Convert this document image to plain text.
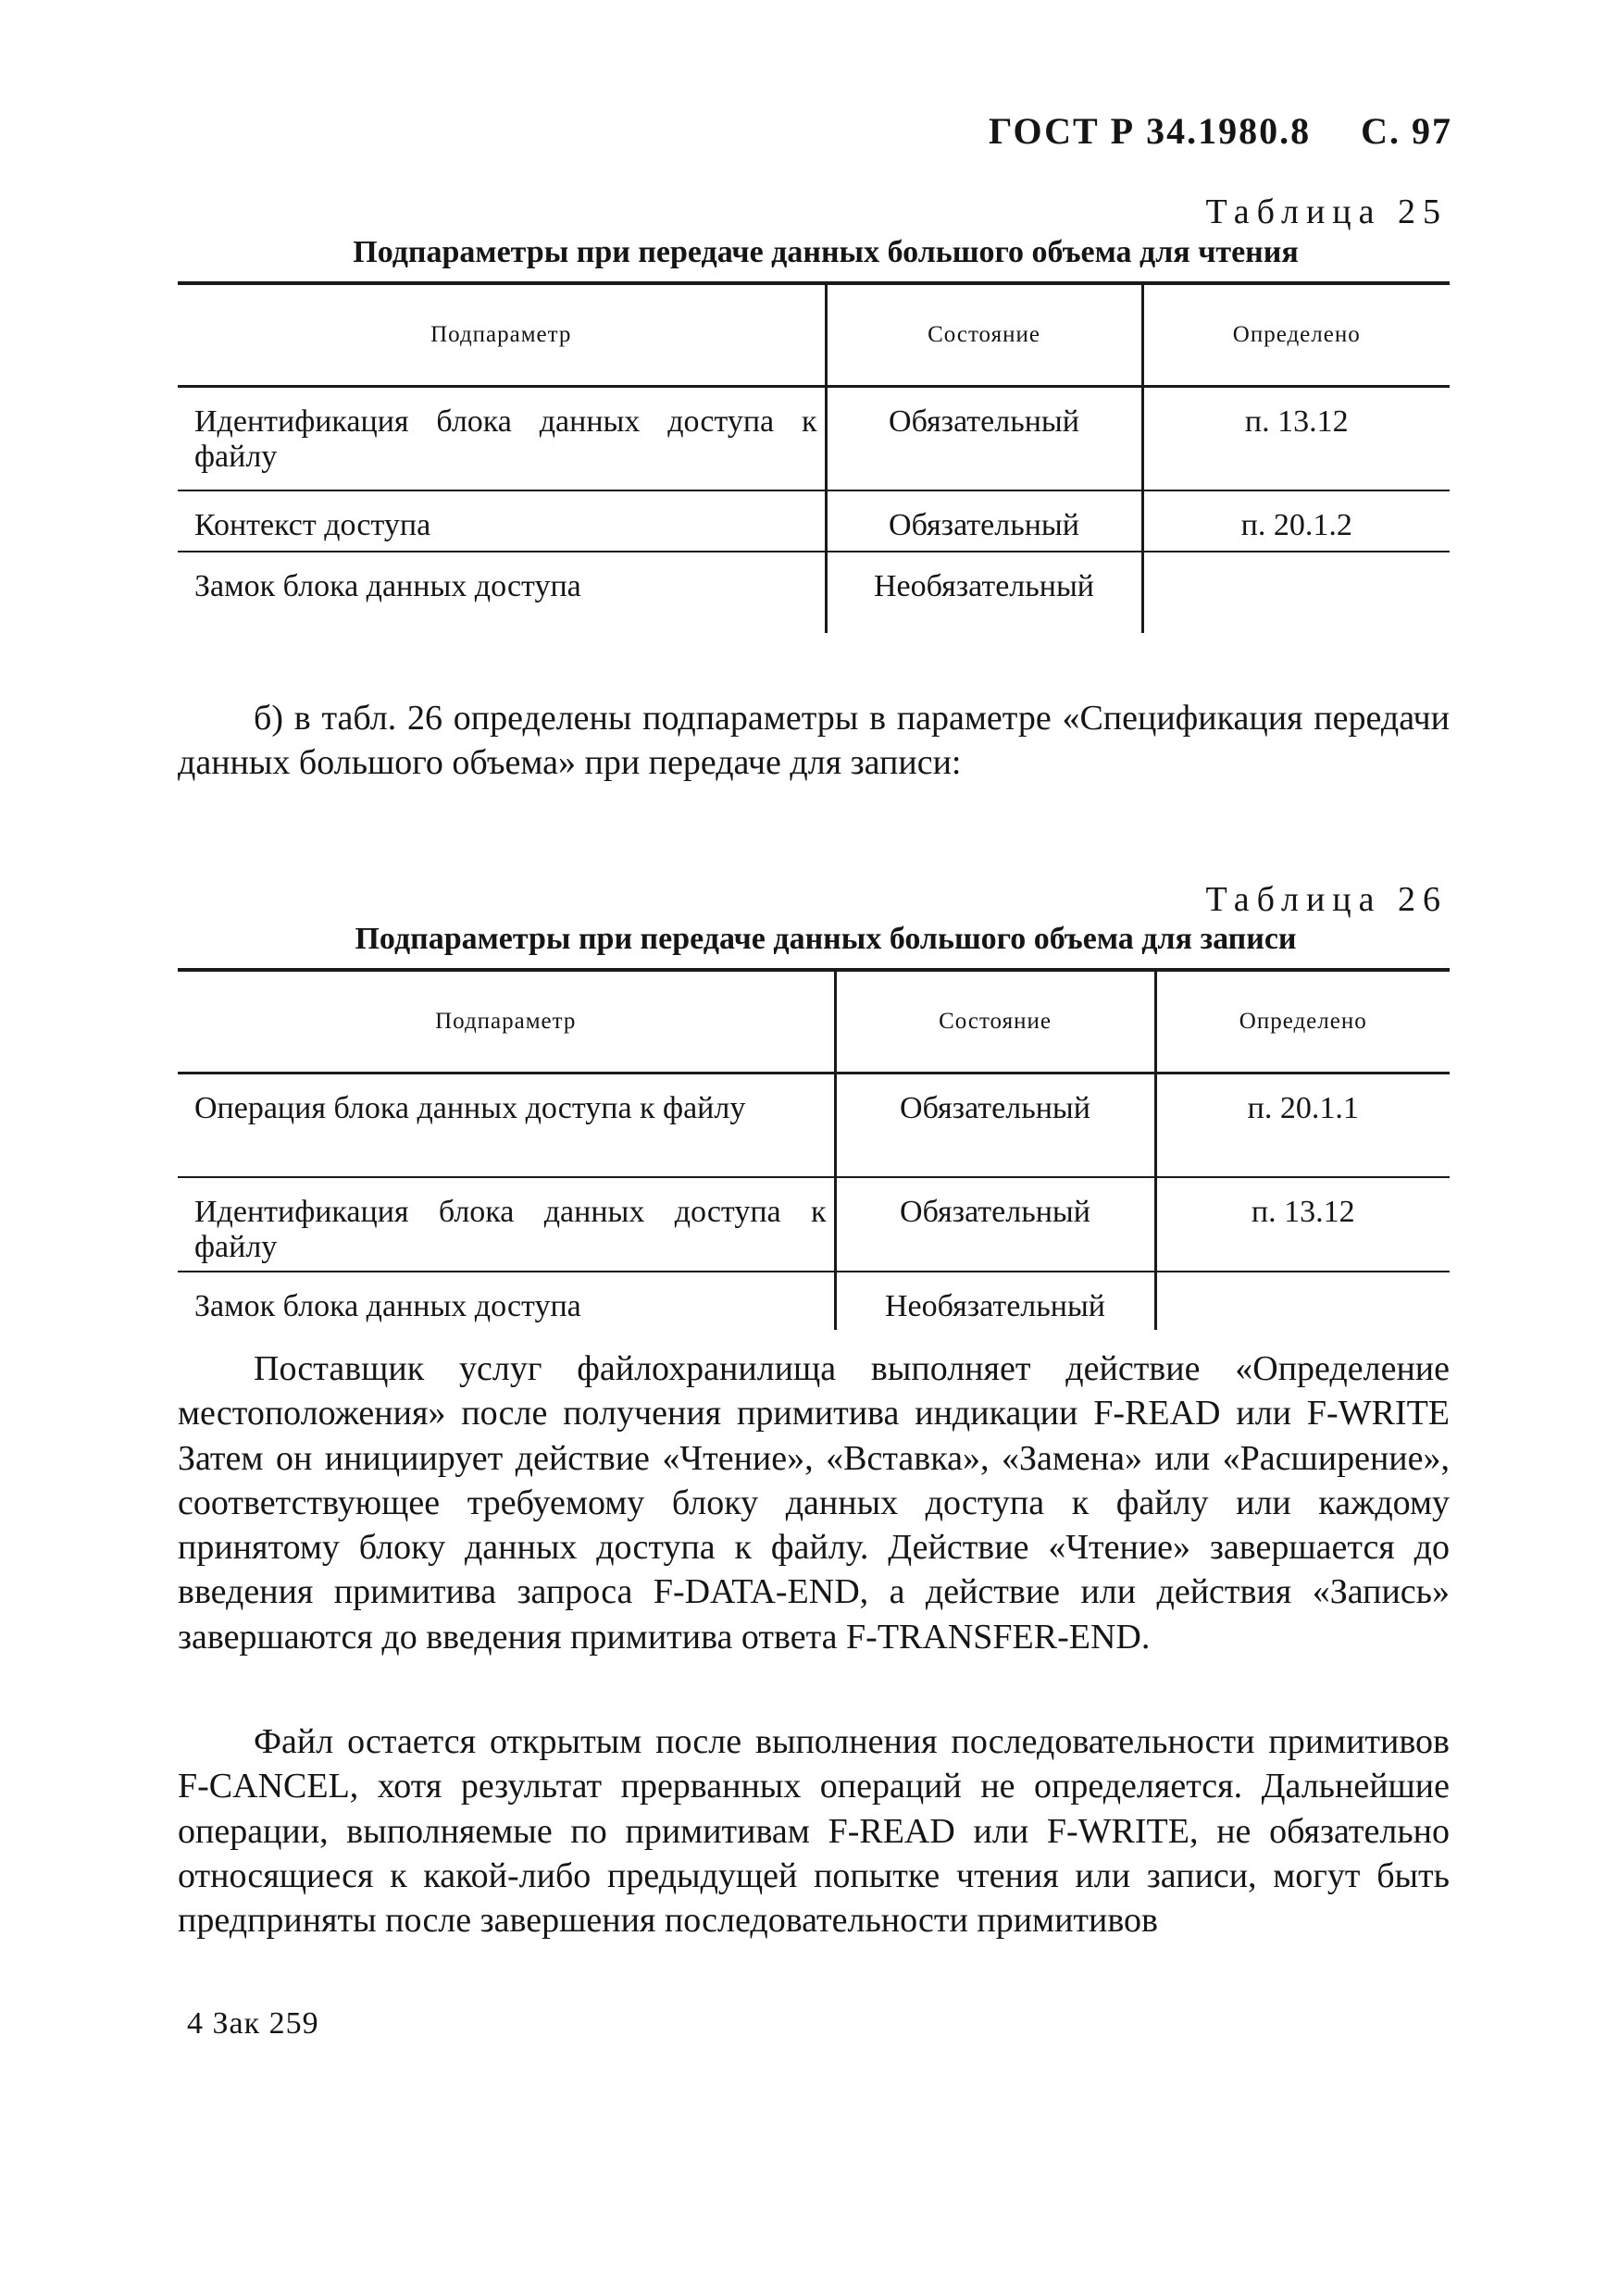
ГОСТ Р 34.1980.8 С. 97
Таблица 25
Подпараметры при передаче данных большого объема для чтения
Подпараметр	Состояние	Определено
Идентификация блока данных доступа к файлу	Обязательный	п. 13.12
Контекст доступа	Обязательный	п. 20.1.2
Замок блока данных доступа	Необязательный	
б) в табл. 26 определены подпараметры в параметре «Спецификация передачи данных большого объема» при передаче для записи:
Таблица 26
Подпараметры при передаче данных большого объема для записи
Подпараметр	Состояние	Определено
Операция блока данных доступа к файлу	Обязательный	п. 20.1.1
Идентификация блока данных доступа к файлу	Обязательный	п. 13.12
Замок блока данных доступа	Необязательный	
Поставщик услуг файлохранилища выполняет действие «Определение местоположения» после получения примитива индикации F-READ или F-WRITE Затем он инициирует действие «Чтение», «Вставка», «Замена» или «Расширение», соответствующее требуемому блоку данных доступа к файлу или каждому принятому блоку данных доступа к файлу. Действие «Чтение» завершается до введения примитива запроса F-DATA-END, а действие или действия «Запись» завершаются до введения примитива ответа F-TRANSFER-END.
Файл остается открытым после выполнения последовательности примитивов F-CANCEL, хотя результат прерванных операций не определяется. Дальнейшие операции, выполняемые по примитивам F-READ или F-WRITE, не обязательно относящиеся к какой-либо предыдущей попытке чтения или записи, могут быть предприняты после завершения последовательности примитивов
4 Зак 259
